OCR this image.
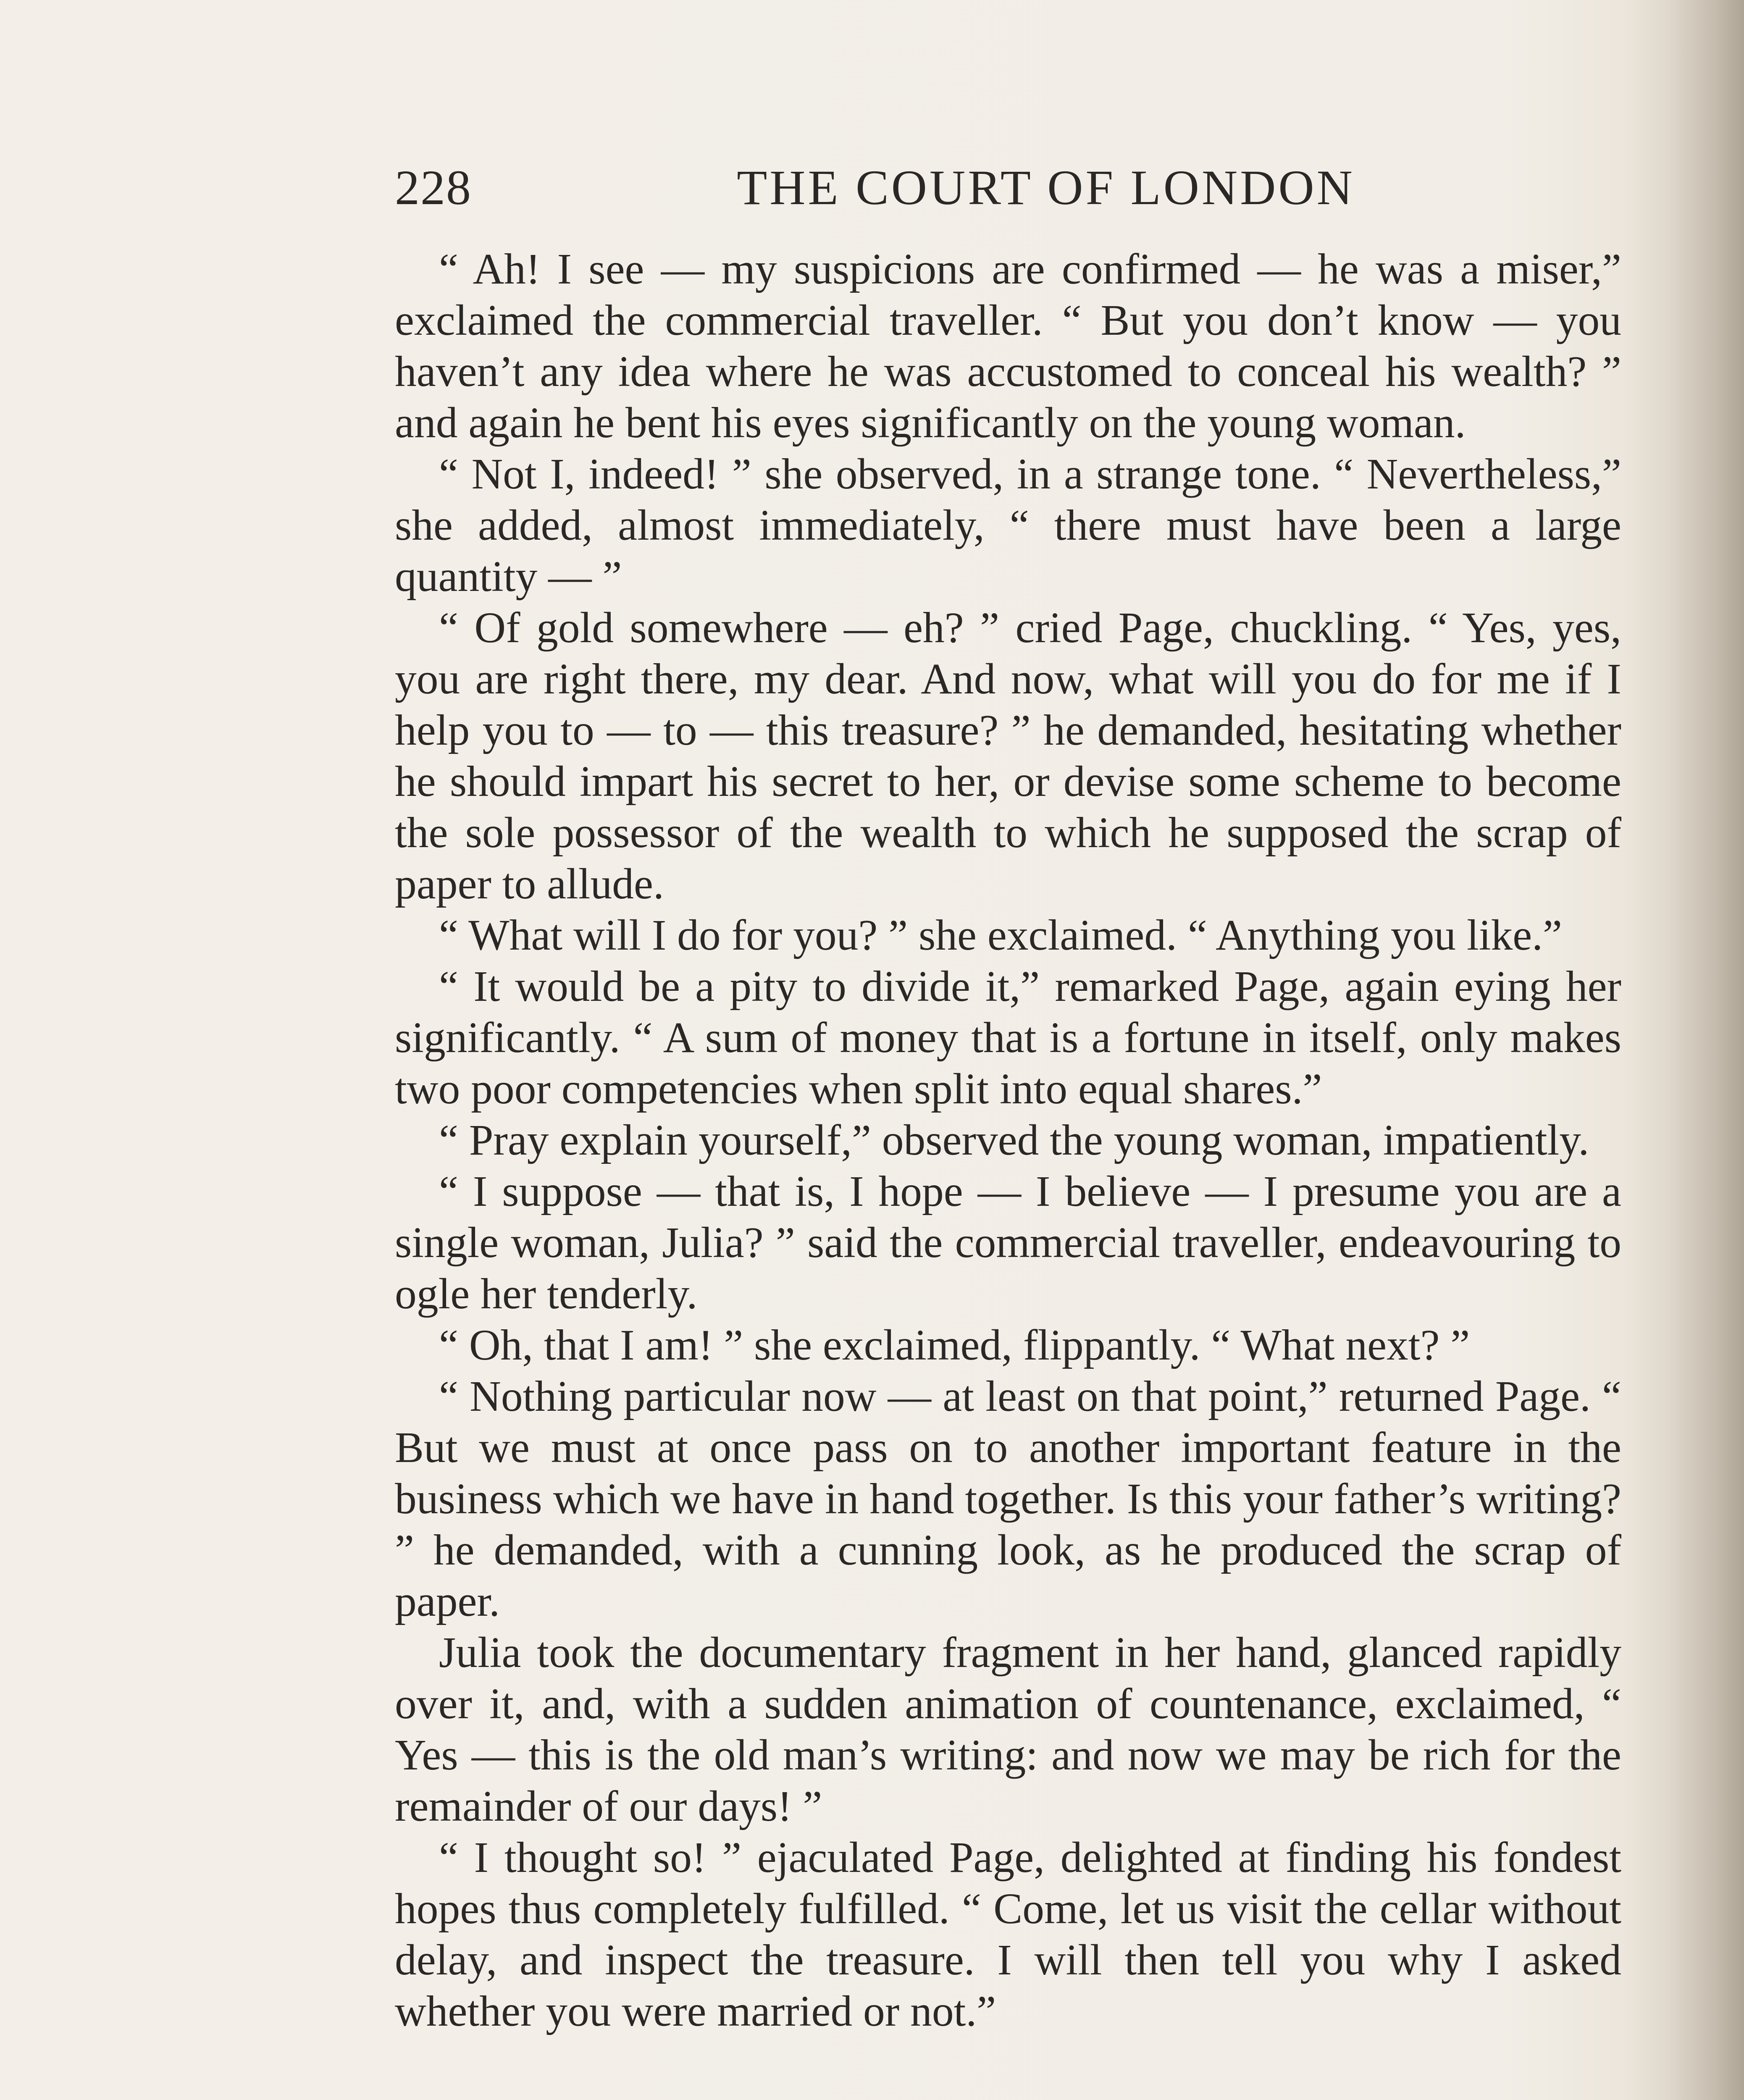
228	THE COURT OF LONDON

“ Ah! I see — my suspicions are confirmed — he was a miser,” exclaimed the commercial traveller. “ But you don’t know — you haven’t any idea where he was accustomed to conceal his wealth? ” and again he bent his eyes significantly on the young woman.

“ Not I, indeed! ” she observed, in a strange tone. “ Nevertheless,” she added, almost immediately, “ there must have been a large quantity — ”

“ Of gold somewhere — eh? ” cried Page, chuckling. “ Yes, yes, you are right there, my dear. And now, what will you do for me if I help you to — to — this treasure? ” he demanded, hesitating whether he should impart his secret to her, or devise some scheme to become the sole possessor of the wealth to which he supposed the scrap of paper to allude.

“ What will I do for you? ” she exclaimed. “ Anything you like.”

“ It would be a pity to divide it,” remarked Page, again eying her significantly. “ A sum of money that is a fortune in itself, only makes two poor competencies when split into equal shares.”

“ Pray explain yourself,” observed the young woman, impatiently.

“ I suppose — that is, I hope — I believe — I presume you are a single woman, Julia? ” said the commercial traveller, endeavouring to ogle her tenderly.

“ Oh, that I am! ” she exclaimed, flippantly. “ What next? ”

“ Nothing particular now — at least on that point,” returned Page. “ But we must at once pass on to another important feature in the business which we have in hand together. Is this your father’s writing? ” he demanded, with a cunning look, as he produced the scrap of paper.

Julia took the documentary fragment in her hand, glanced rapidly over it, and, with a sudden animation of countenance, exclaimed, “ Yes — this is the old man’s writing: and now we may be rich for the remainder of our days! ”

“ I thought so! ” ejaculated Page, delighted at finding his fondest hopes thus completely fulfilled. “ Come, let us visit the cellar without delay, and inspect the treasure. I will then tell you why I asked whether you were married or not.”
